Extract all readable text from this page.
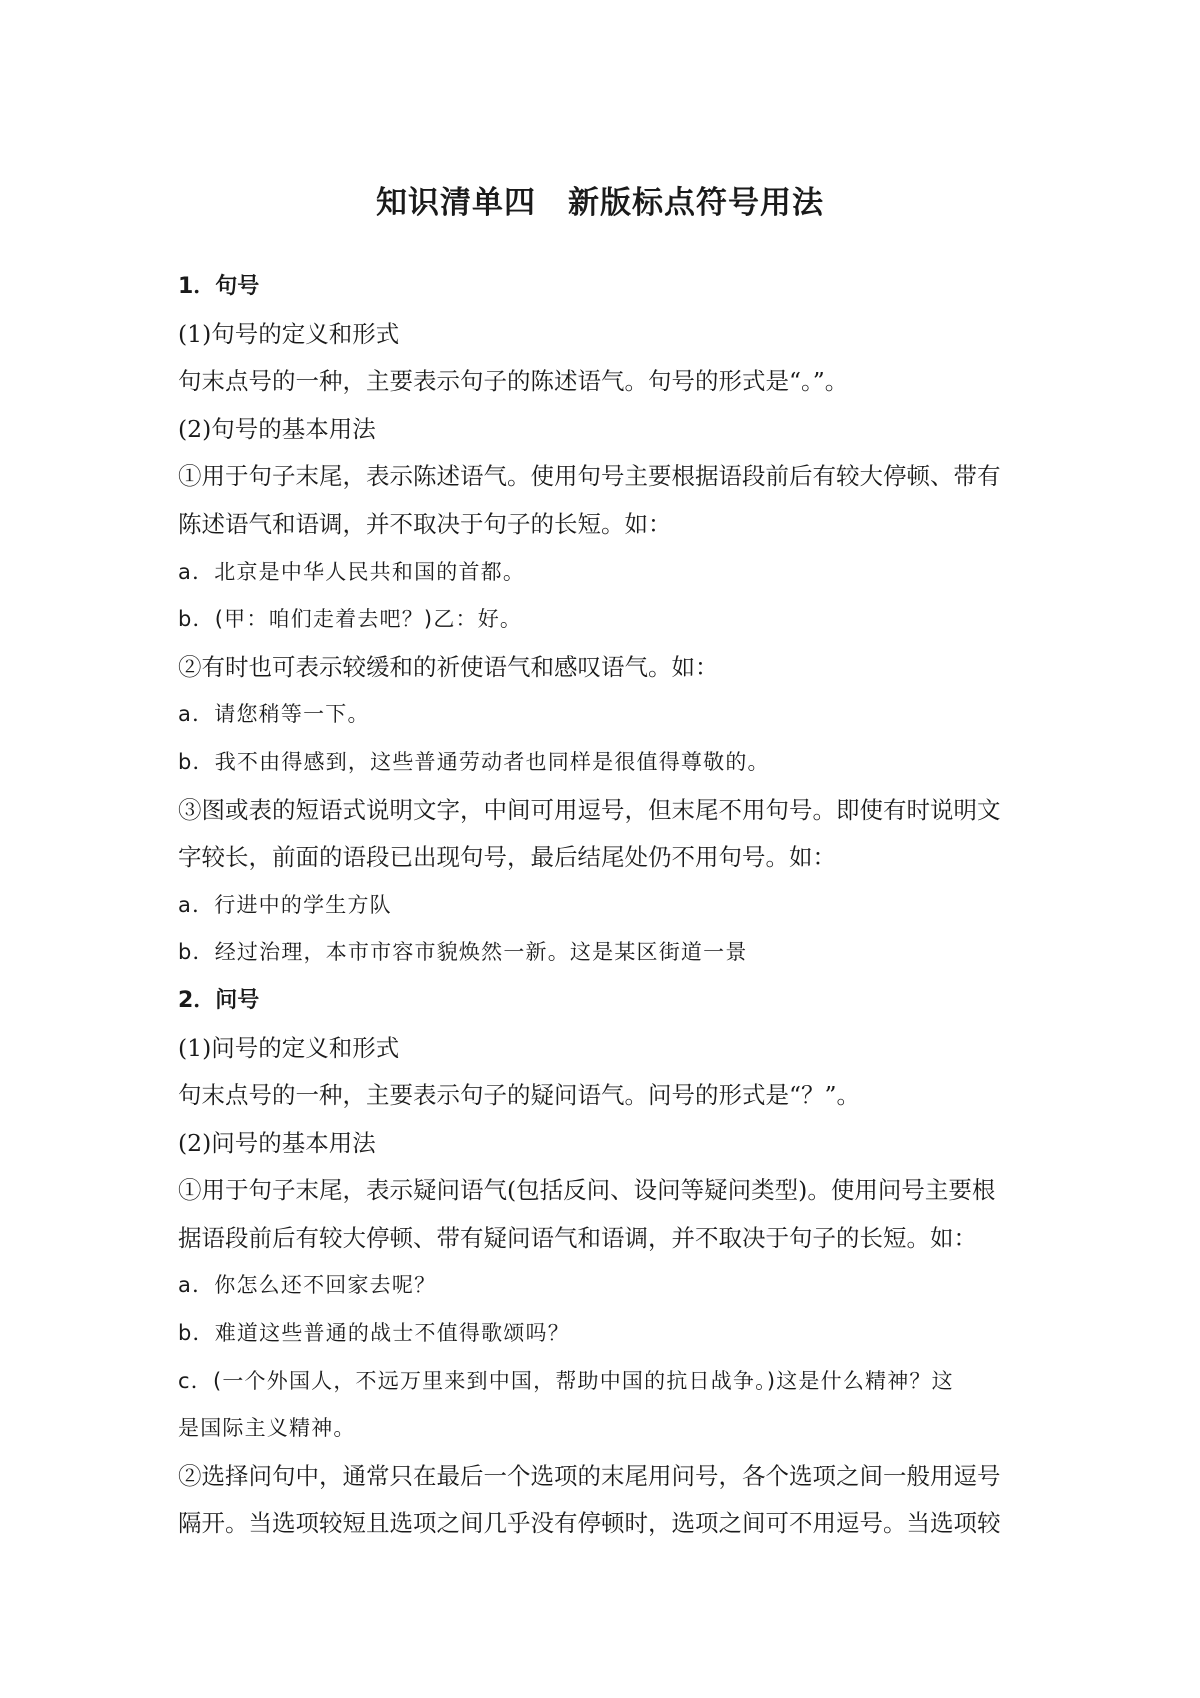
知识清单四　新版标点符号用法
1．句号
(1)句号的定义和形式
句末点号的一种，主要表示句子的陈述语气。句号的形式是“。”。
(2)句号的基本用法
①用于句子末尾，表示陈述语气。使用句号主要根据语段前后有较大停顿、带有
陈述语气和语调，并不取决于句子的长短。如：
a．北京是中华人民共和国的首都。
b．(甲：咱们走着去吧？)乙：好。
②有时也可表示较缓和的祈使语气和感叹语气。如：
a．请您稍等一下。
b．我不由得感到，这些普通劳动者也同样是很值得尊敬的。
③图或表的短语式说明文字，中间可用逗号，但末尾不用句号。即使有时说明文
字较长，前面的语段已出现句号，最后结尾处仍不用句号。如：
a．行进中的学生方队
b．经过治理，本市市容市貌焕然一新。这是某区街道一景
2．问号
(1)问号的定义和形式
句末点号的一种，主要表示句子的疑问语气。问号的形式是“？”。
(2)问号的基本用法
①用于句子末尾，表示疑问语气(包括反问、设问等疑问类型)。使用问号主要根
据语段前后有较大停顿、带有疑问语气和语调，并不取决于句子的长短。如：
a．你怎么还不回家去呢？
b．难道这些普通的战士不值得歌颂吗？
c．(一个外国人，不远万里来到中国，帮助中国的抗日战争。)这是什么精神？这
是国际主义精神。
②选择问句中，通常只在最后一个选项的末尾用问号，各个选项之间一般用逗号
隔开。当选项较短且选项之间几乎没有停顿时，选项之间可不用逗号。当选项较
